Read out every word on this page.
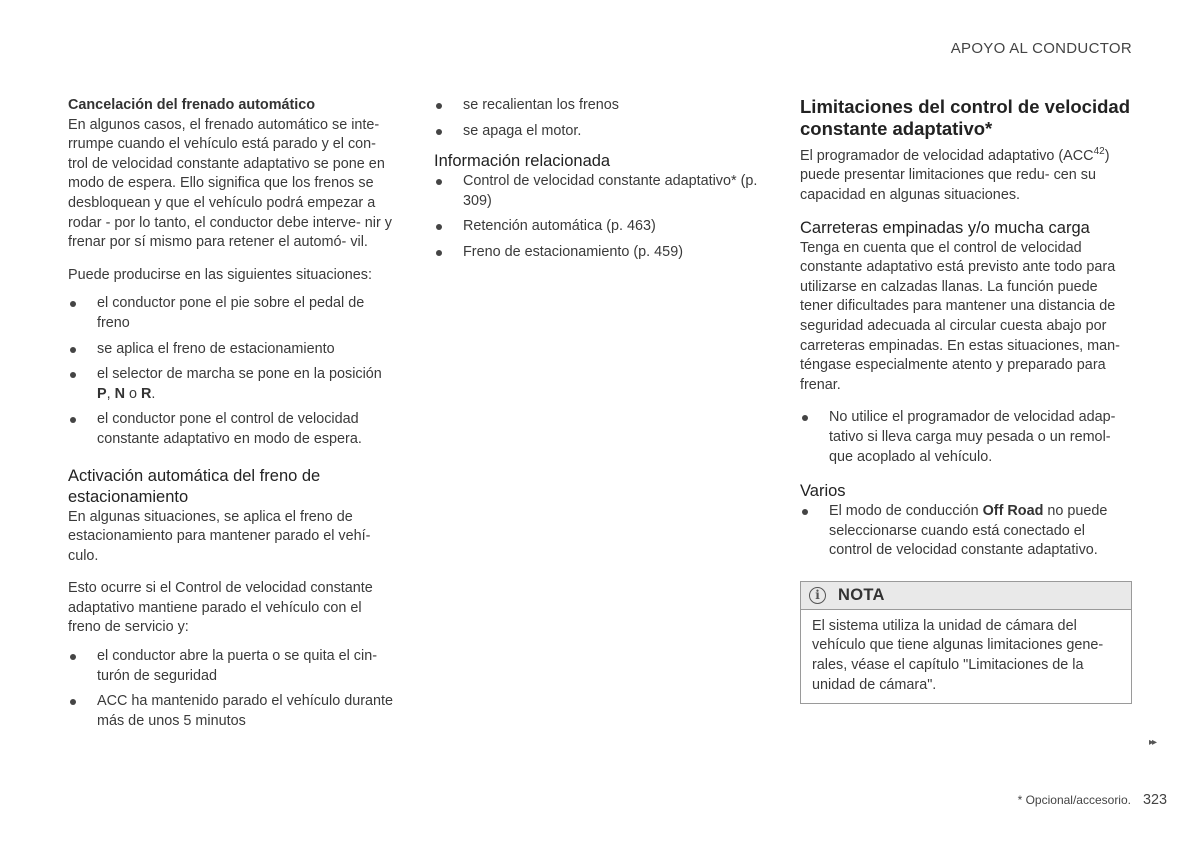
APOYO AL CONDUCTOR
Cancelación del frenado automático

En algunos casos, el frenado automático se inte- rrumpe cuando el vehículo está parado y el con- trol de velocidad constante adaptativo se pone en modo de espera. Ello significa que los frenos se desbloquean y que el vehículo podrá empezar a rodar - por lo tanto, el conductor debe interve- nir y frenar por sí mismo para retener el automó- vil.

Puede producirse en las siguientes situaciones:

el conductor pone el pie sobre el pedal de freno
se aplica el freno de estacionamiento
el selector de marcha se pone en la posición P, N o R.
el conductor pone el control de velocidad constante adaptativo en modo de espera.
Activación automática del freno de estacionamiento

En algunas situaciones, se aplica el freno de estacionamiento para mantener parado el vehí- culo.

Esto ocurre si el Control de velocidad constante adaptativo mantiene parado el vehículo con el freno de servicio y:

el conductor abre la puerta o se quita el cin- turón de seguridad
ACC ha mantenido parado el vehículo durante más de unos 5 minutos
se recalientan los frenos
se apaga el motor.
Información relacionada
Control de velocidad constante adaptativo* (p. 309)
Retención automática (p. 463)
Freno de estacionamiento (p. 459)
Limitaciones del control de velocidad constante adaptativo*

El programador de velocidad adaptativo (ACC$^{42}$) puede presentar limitaciones que redu- cen su capacidad en algunas situaciones.

Carreteras empinadas y/o mucha carga

Tenga en cuenta que el control de velocidad constante adaptativo está previsto ante todo para utilizarse en calzadas llanas. La función puede tener dificultades para mantener una distancia de seguridad adecuada al circular cuesta abajo por carreteras empinadas. En estas situaciones, man- téngase especialmente atento y preparado para frenar.

No utilice el programador de velocidad adap- tativo si lleva carga muy pesada o un remol- que acoplado al vehículo.
Varios
El modo de conducción Off Road no puede seleccionarse cuando está conectado el control de velocidad constante adaptativo.
i	NOTA

El sistema utiliza la unidad de cámara del vehículo que tiene algunas limitaciones gene- rales, véase el capítulo "Limitaciones de la unidad de cámara".

▸▸
* Opcional/accesorio. 323
